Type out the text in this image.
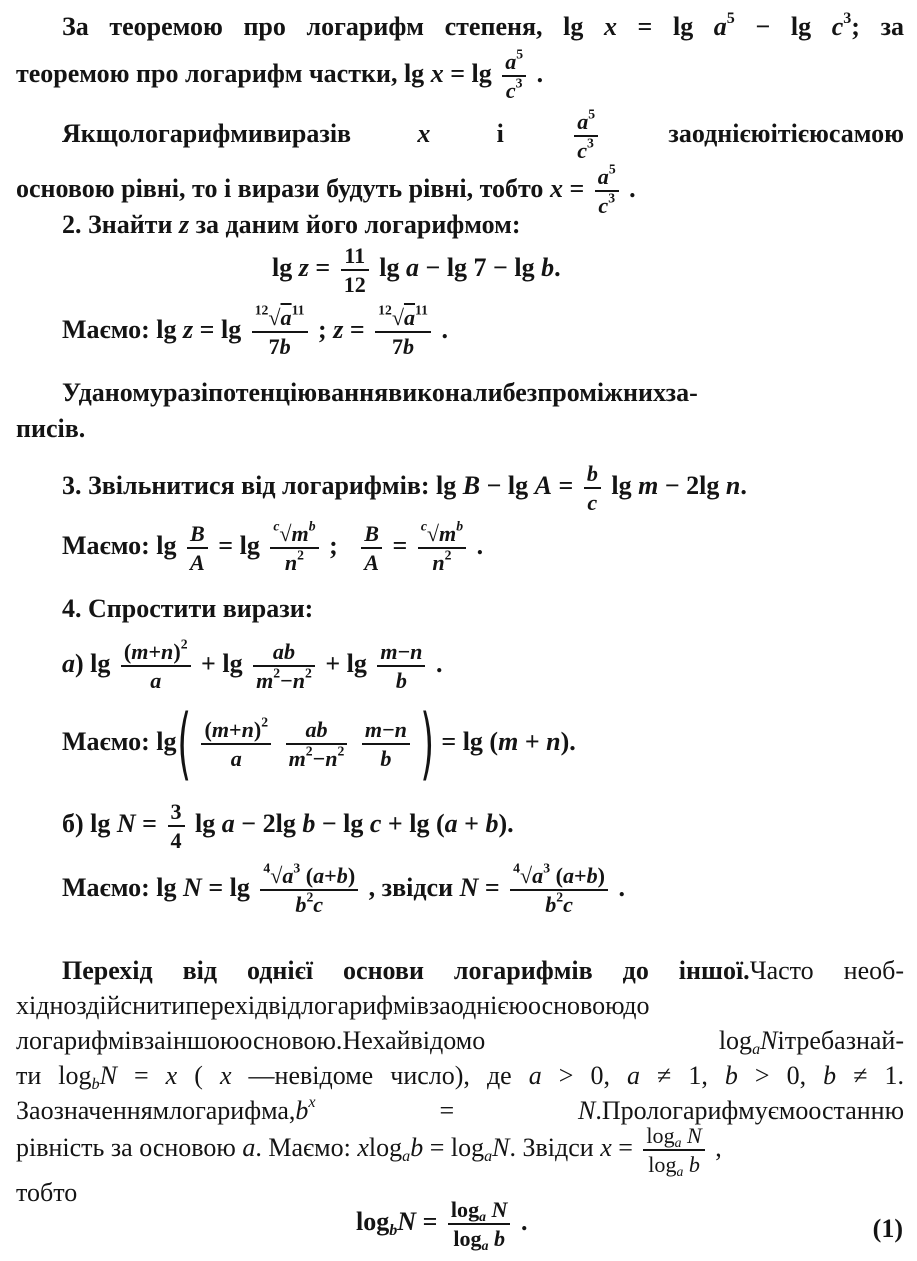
За теоремою про логарифм степеня, $\lg x = \lg a^5 - \lg c^3$; за
теоремою про логарифм частки, $\lg x = \lg \frac{a^5}{c^3}$ .
Якщологарифмивиразів	x і $\frac{a^5}{c^3}$	заоднієюітієюсамою
основою рівні, то і вирази будуть рівні, тобто $x = \frac{a^5}{c^3}$ .
2. Знайти z за даним його логарифмом:
$\lg z = \frac{11}{12}$ lg a − lg 7 − lg b.
Маємо: $\lg z = \lg \frac{^{12}√a^{11}}{7b}$ ; $z = \frac{^{12}√a^{11}}{7b}$ .
Уданомуразіпотенціюваннявиконалибезпроміжнихза-
писів.
3. Звільнитися від логарифмів: $\lg B - \lg A = \frac{b}{c}$ lg m − 2lg n.
Маємо: $\lg \frac{B}{A} = \lg \frac{^c√m^b}{n^2}$ ; $\frac{B}{A} = \frac{^c√m^b}{n^2}$ .
4. Спростити вирази:
а) $\lg \frac{(m+n)^2}{a} + \lg \frac{ab}{m^2-n^2} + \lg \frac{m-n}{b}$ .
Маємо: $\lg( \frac{(m+n)^2}{a}$
$\frac{ab}{m^2-n^2}$
$\frac{m-n}{b}$ ) = lg (m + n).
б) $\lg N = \frac{3}{4}$ lg a − 2lg b − lg c + lg (a + b).
Маємо: $\lg N = \lg \frac{^4√a^3 (a+b)}{b^2c}$ , звідси $N = \frac{^4√a^3 (a+b)}{b^2c}$ .
Перехід від однієї основи логарифмів до іншої.Часто необ-
хідноздійснитиперехідвідлогарифмівзаоднієюосновоюдо
логарифмівзаіншоюосновою.Нехайвідомо	$\log_aNітребазнай-$
ти $\log_bN = x$ ( x —невідоме число), де a > 0, a ≠ 1, b > 0, b ≠ 1.
$Заозначеннямлогарифма,b^x$ = N.Прологарифмуємоостанню
рівність за основою a. Маємо: $xlog_ab = \log_aN$. Звідси $x = \frac{\log_a N}{\log_a b}$ ,
тобто
$\log_bN = \frac{\log_a N}{\log_a b}$ .	(1)
